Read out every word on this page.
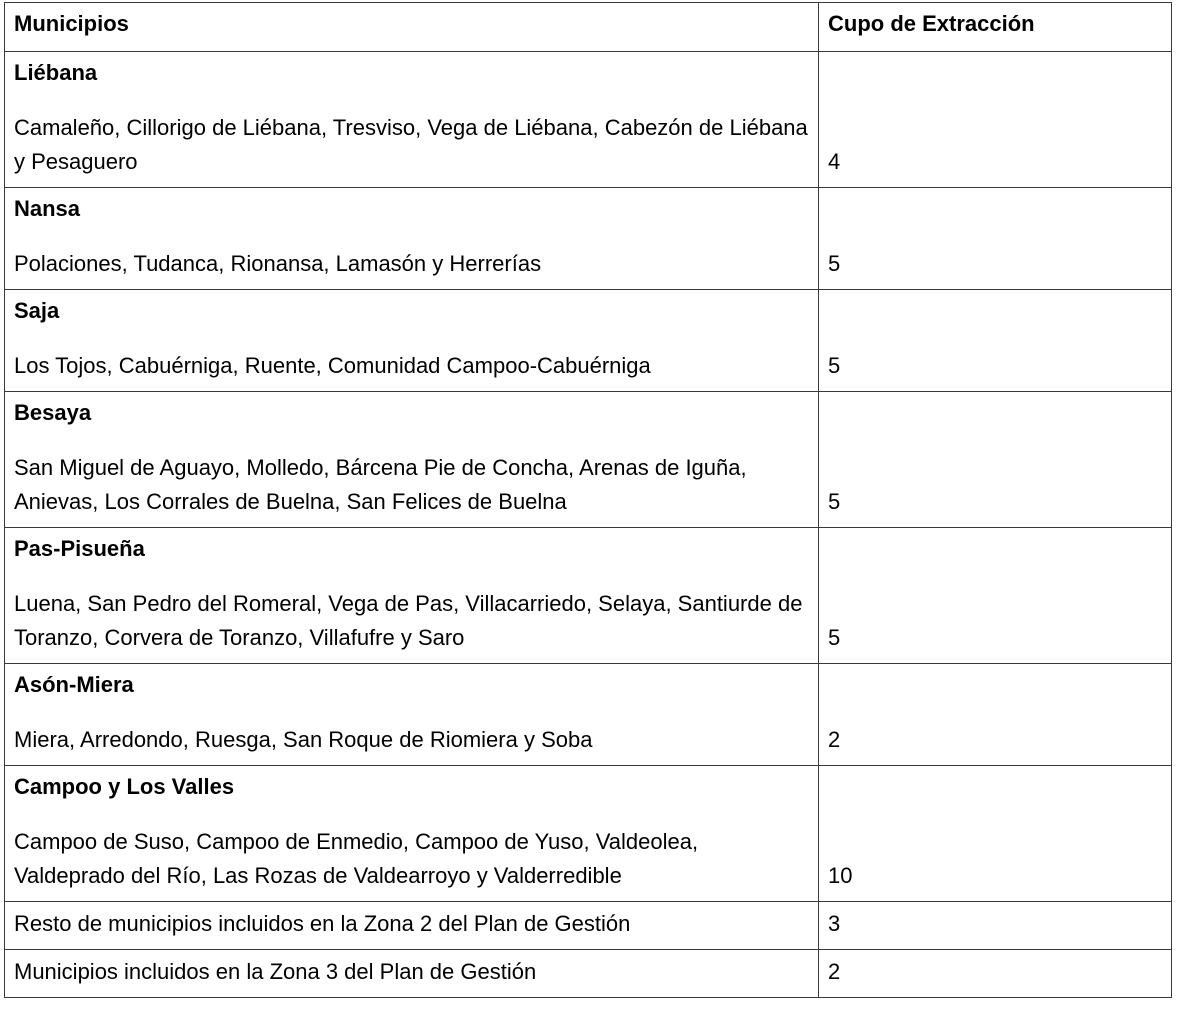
Municipios	Cupo de Extracción

Liébana
Camaleño, Cillorigo de Liébana, Tresviso, Vega de Liébana, Cabezón de Liébana y Pesaguero	4

Nansa
Polaciones, Tudanca, Rionansa, Lamasón y Herrerías	5

Saja
Los Tojos, Cabuérniga, Ruente, Comunidad Campoo-Cabuérniga	5

Besaya
San Miguel de Aguayo, Molledo, Bárcena Pie de Concha, Arenas de Iguña, Anievas, Los Corrales de Buelna, San Felices de Buelna	5

Pas-Pisueña
Luena, San Pedro del Romeral, Vega de Pas, Villacarriedo, Selaya, Santiurde de Toranzo, Corvera de Toranzo, Villafufre y Saro	5

Asón-Miera
Miera, Arredondo, Ruesga, San Roque de Riomiera y Soba	2

Campoo y Los Valles
Campoo de Suso, Campoo de Enmedio, Campoo de Yuso, Valdeolea, Valdeprado del Río, Las Rozas de Valdearroyo y Valderredible	10
Resto de municipios incluidos en la Zona 2 del Plan de Gestión	3
Municipios incluidos en la Zona 3 del Plan de Gestión	2
